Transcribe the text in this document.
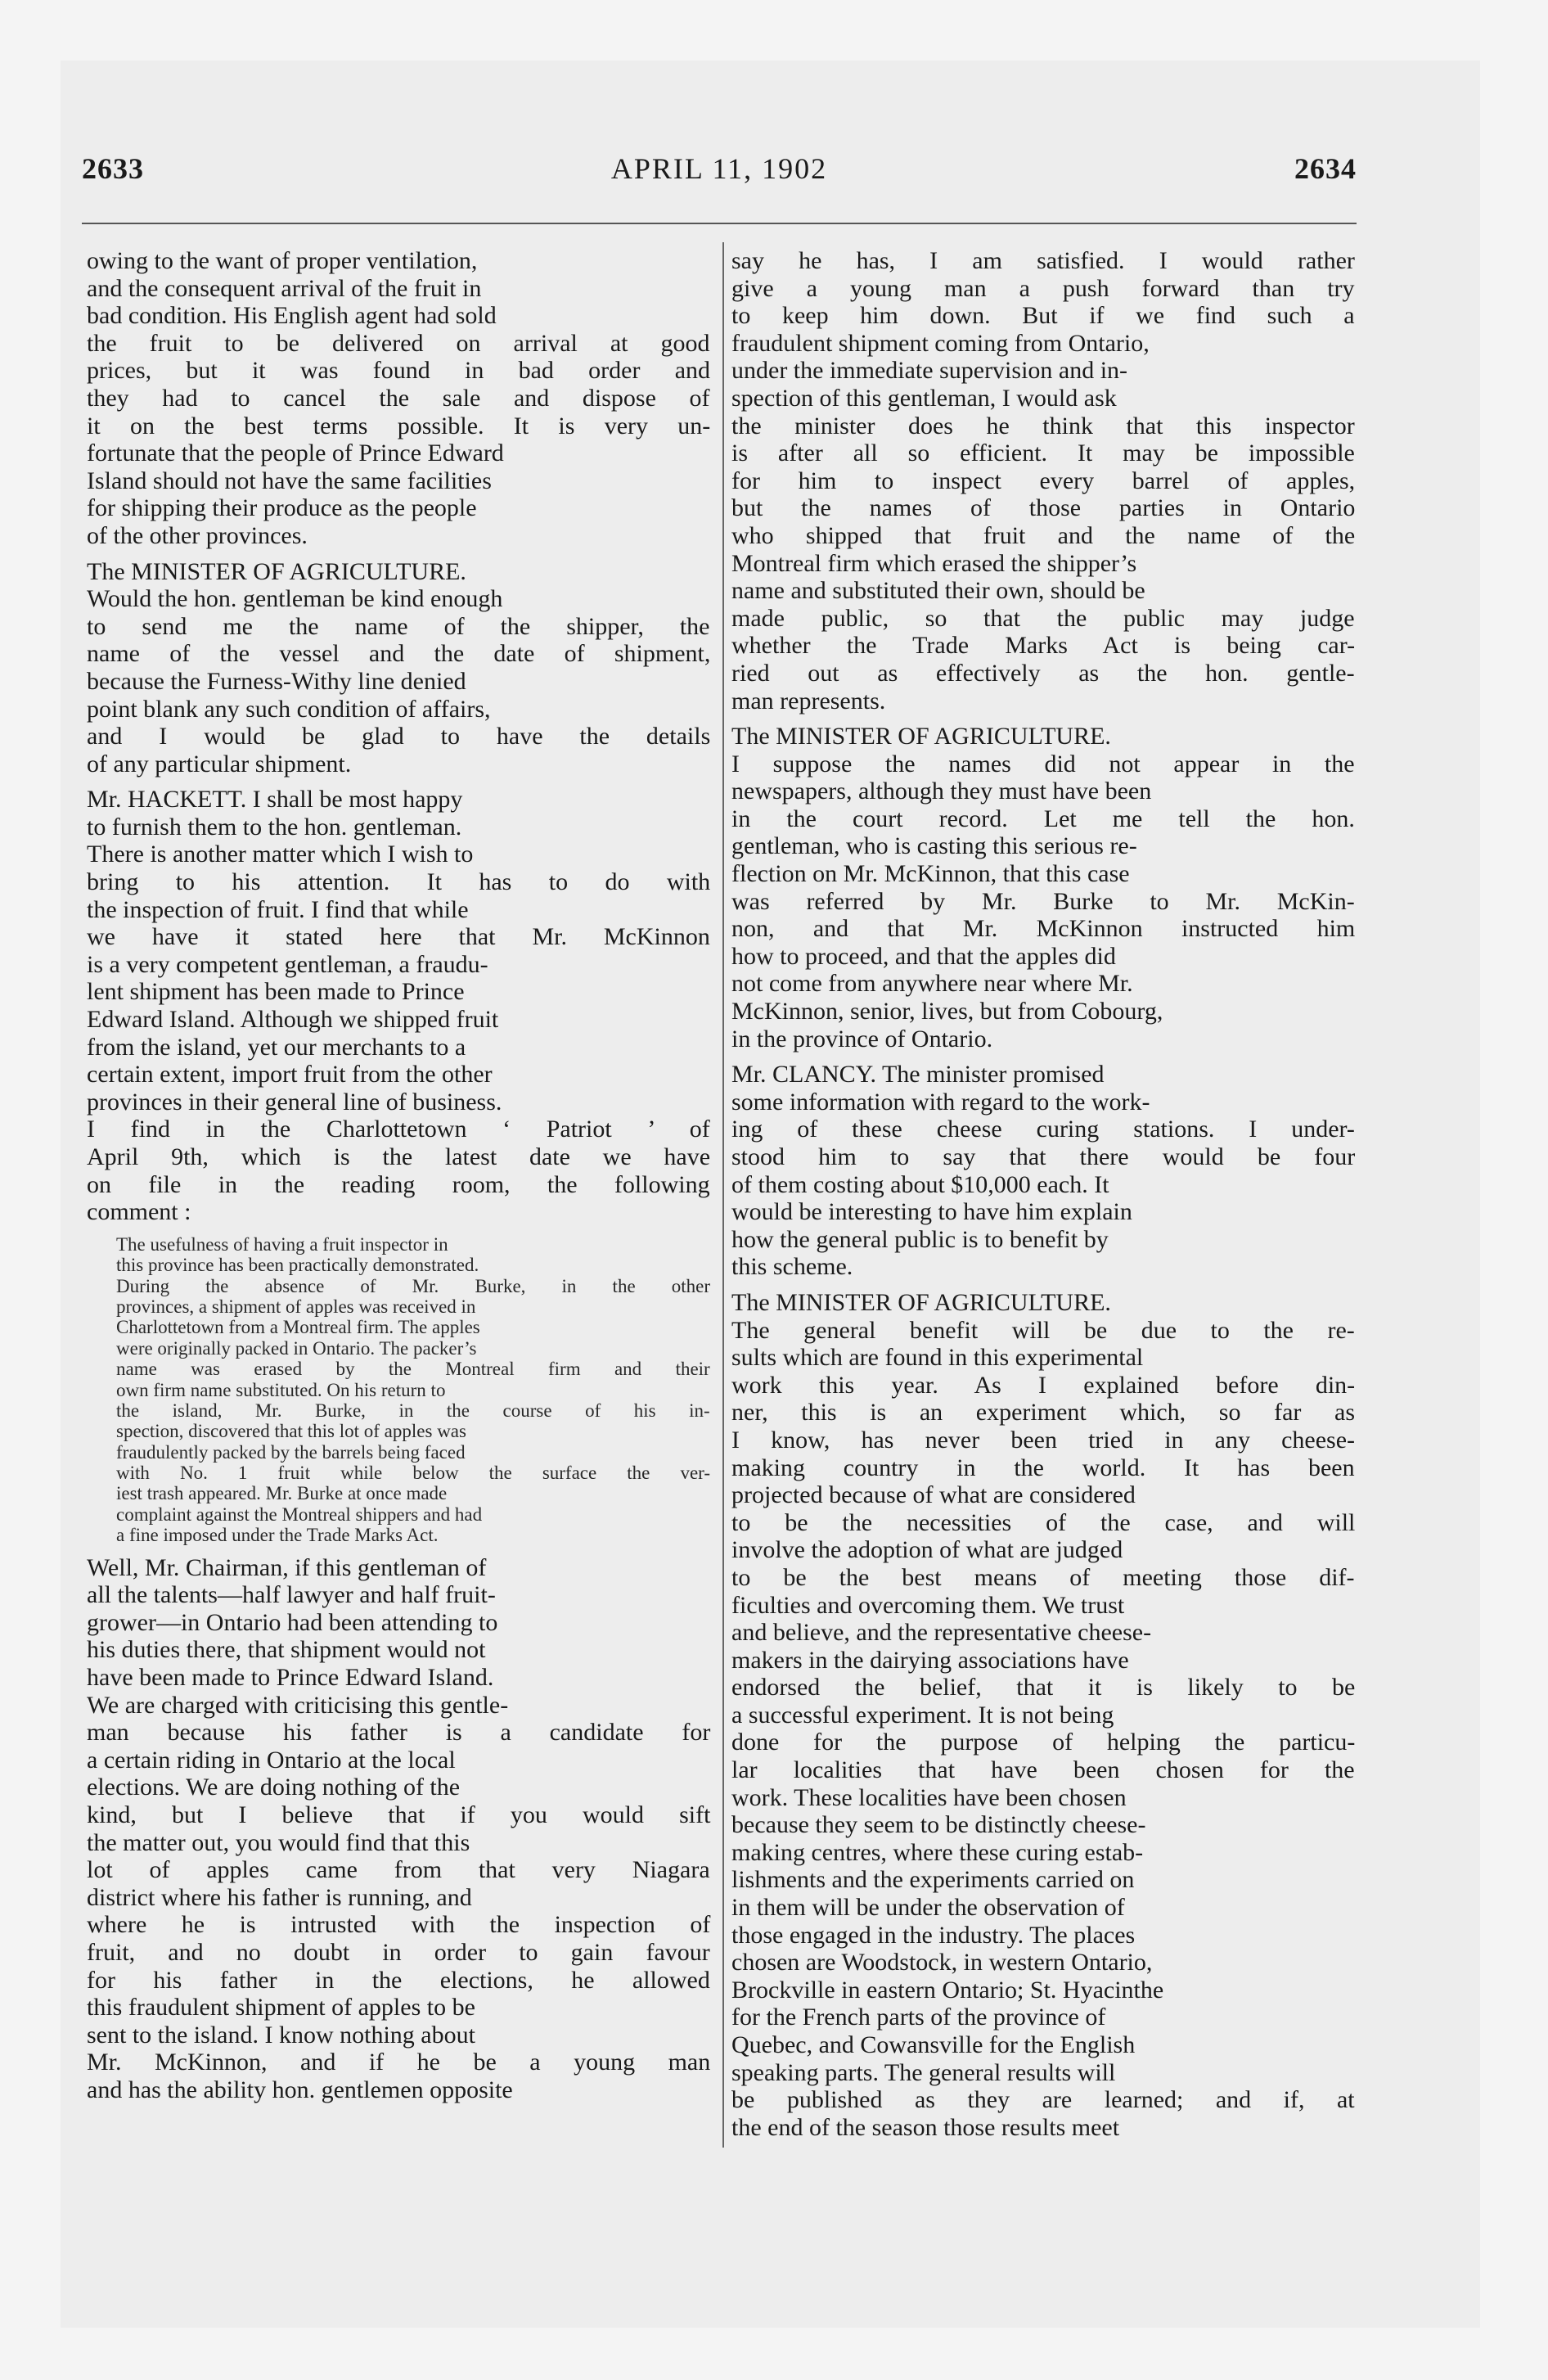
2633	APRIL 11, 1902	2634
owing to the want of proper ventilation,
and the consequent arrival of the fruit in
bad condition. His English agent had sold
the fruit to be delivered on arrival at good
prices, but it was found in bad order and
they had to cancel the sale and dispose of
it on the best terms possible. It is very un-
fortunate that the people of Prince Edward
Island should not have the same facilities
for shipping their produce as the people
of the other provinces.
The MINISTER OF AGRICULTURE.
Would the hon. gentleman be kind enough
to send me the name of the shipper, the
name of the vessel and the date of shipment,
because the Furness-Withy line denied
point blank any such condition of affairs,
and I would be glad to have the details
of any particular shipment.
Mr. HACKETT. I shall be most happy
to furnish them to the hon. gentleman.
There is another matter which I wish to
bring to his attention. It has to do with
the inspection of fruit. I find that while
we have it stated here that Mr. McKinnon
is a very competent gentleman, a fraudu-
lent shipment has been made to Prince
Edward Island. Although we shipped fruit
from the island, yet our merchants to a
certain extent, import fruit from the other
provinces in their general line of business.
I find in the Charlottetown ‘ Patriot ’ of
April 9th, which is the latest date we have
on file in the reading room, the following
comment :
The usefulness of having a fruit inspector in
this province has been practically demonstrated.
During the absence of Mr. Burke, in the other
provinces, a shipment of apples was received in
Charlottetown from a Montreal firm. The apples
were originally packed in Ontario. The packer’s
name was erased by the Montreal firm and their
own firm name substituted. On his return to
the island, Mr. Burke, in the course of his in-
spection, discovered that this lot of apples was
fraudulently packed by the barrels being faced
with No. 1 fruit while below the surface the ver-
iest trash appeared. Mr. Burke at once made
complaint against the Montreal shippers and had
a fine imposed under the Trade Marks Act.
Well, Mr. Chairman, if this gentleman of
all the talents—half lawyer and half fruit-
grower—in Ontario had been attending to
his duties there, that shipment would not
have been made to Prince Edward Island.
We are charged with criticising this gentle-
man because his father is a candidate for
a certain riding in Ontario at the local
elections. We are doing nothing of the
kind, but I believe that if you would sift
the matter out, you would find that this
lot of apples came from that very Niagara
district where his father is running, and
where he is intrusted with the inspection of
fruit, and no doubt in order to gain favour
for his father in the elections, he allowed
this fraudulent shipment of apples to be
sent to the island. I know nothing about
Mr. McKinnon, and if he be a young man
and has the ability hon. gentlemen opposite
say he has, I am satisfied. I would rather
give a young man a push forward than try
to keep him down. But if we find such a
fraudulent shipment coming from Ontario,
under the immediate supervision and in-
spection of this gentleman, I would ask
the minister does he think that this inspector
is after all so efficient. It may be impossible
for him to inspect every barrel of apples,
but the names of those parties in Ontario
who shipped that fruit and the name of the
Montreal firm which erased the shipper’s
name and substituted their own, should be
made public, so that the public may judge
whether the Trade Marks Act is being car-
ried out as effectively as the hon. gentle-
man represents.
The MINISTER OF AGRICULTURE.
I suppose the names did not appear in the
newspapers, although they must have been
in the court record. Let me tell the hon.
gentleman, who is casting this serious re-
flection on Mr. McKinnon, that this case
was referred by Mr. Burke to Mr. McKin-
non, and that Mr. McKinnon instructed him
how to proceed, and that the apples did
not come from anywhere near where Mr.
McKinnon, senior, lives, but from Cobourg,
in the province of Ontario.
Mr. CLANCY. The minister promised
some information with regard to the work-
ing of these cheese curing stations. I under-
stood him to say that there would be four
of them costing about $10,000 each. It
would be interesting to have him explain
how the general public is to benefit by
this scheme.
The MINISTER OF AGRICULTURE.
The general benefit will be due to the re-
sults which are found in this experimental
work this year. As I explained before din-
ner, this is an experiment which, so far as
I know, has never been tried in any cheese-
making country in the world. It has been
projected because of what are considered
to be the necessities of the case, and will
involve the adoption of what are judged
to be the best means of meeting those dif-
ficulties and overcoming them. We trust
and believe, and the representative cheese-
makers in the dairying associations have
endorsed the belief, that it is likely to be
a successful experiment. It is not being
done for the purpose of helping the particu-
lar localities that have been chosen for the
work. These localities have been chosen
because they seem to be distinctly cheese-
making centres, where these curing estab-
lishments and the experiments carried on
in them will be under the observation of
those engaged in the industry. The places
chosen are Woodstock, in western Ontario,
Brockville in eastern Ontario; St. Hyacinthe
for the French parts of the province of
Quebec, and Cowansville for the English
speaking parts. The general results will
be published as they are learned; and if, at
the end of the season those results meet
